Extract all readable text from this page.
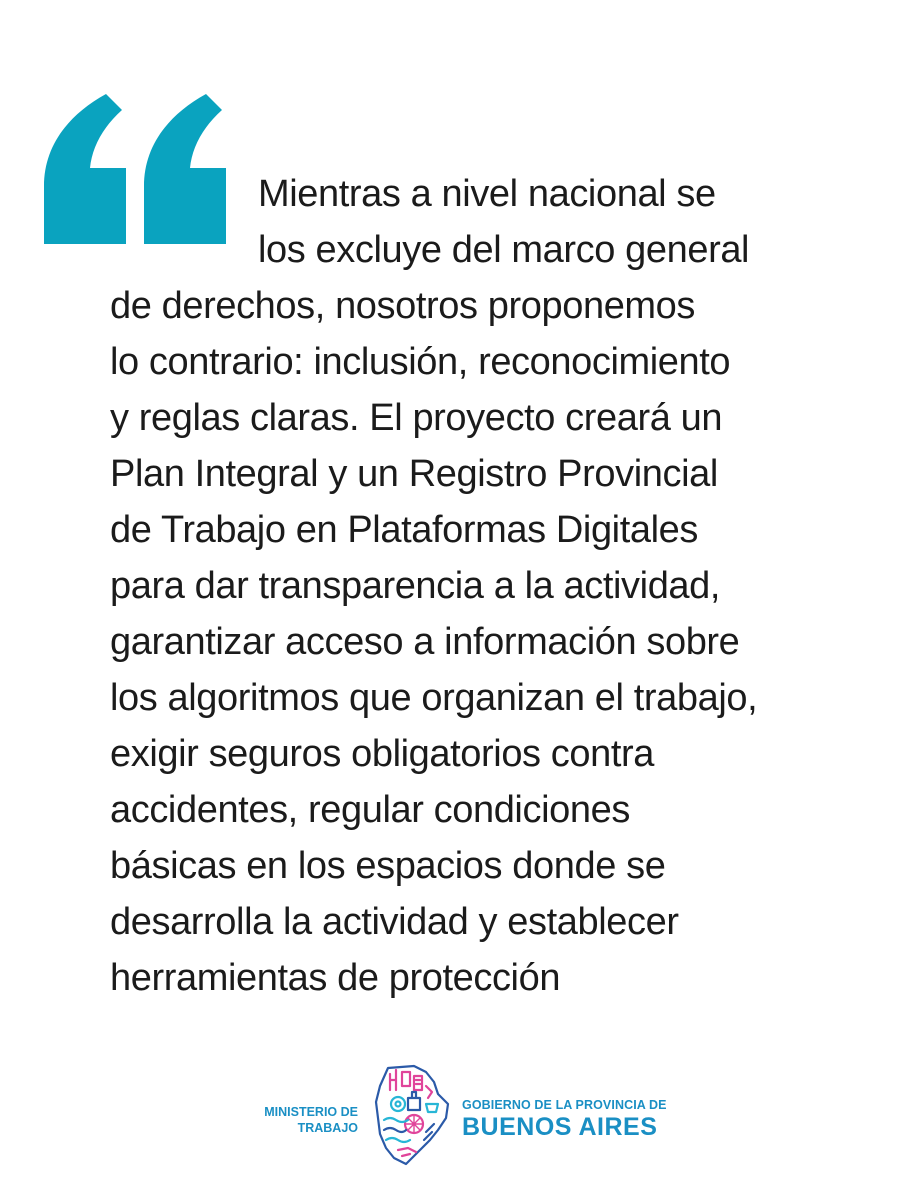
Mientras a nivel nacional se
los excluye del marco general
de derechos, nosotros proponemos
lo contrario: inclusión, reconocimiento
y reglas claras. El proyecto creará un
Plan Integral y un Registro Provincial
de Trabajo en Plataformas Digitales
para dar transparencia a la actividad,
garantizar acceso a información sobre
los algoritmos que organizan el trabajo,
exigir seguros obligatorios contra
accidentes, regular condiciones
básicas en los espacios donde se
desarrolla la actividad y establecer
herramientas de protección

MINISTERIO DE
TRABAJO
GOBIERNO DE LA PROVINCIA DE
BUENOS AIRES
